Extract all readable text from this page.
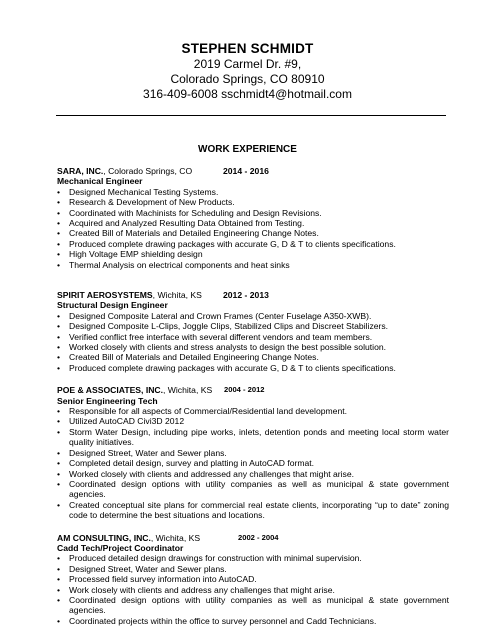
STEPHEN SCHMIDT
2019 Carmel Dr. #9,
Colorado Springs, CO 80910
316-409-6008 sschmidt4@hotmail.com
WORK EXPERIENCE
SARA, INC., Colorado Springs, CO	2014 - 2016
Mechanical Engineer
• Designed Mechanical Testing Systems.
• Research & Development of New Products.
• Coordinated with Machinists for Scheduling and Design Revisions.
• Acquired and Analyzed Resulting Data Obtained from Testing.
• Created Bill of Materials and Detailed Engineering Change Notes.
• Produced complete drawing packages with accurate G, D & T to clients specifications.
• High Voltage EMP shielding design
• Thermal Analysis on electrical components and heat sinks
SPIRIT AEROSYSTEMS, Wichita, KS 2012 - 2013
Structural Design Engineer
• Designed Composite Lateral and Crown Frames (Center Fuselage A350-XWB).
• Designed Composite L-Clips, Joggle Clips, Stabilized Clips and Discreet Stabilizers.
• Verified conflict free interface with several different vendors and team members.
• Worked closely with clients and stress analysts to design the best possible solution.
• Created Bill of Materials and Detailed Engineering Change Notes.
• Produced complete drawing packages with accurate G, D & T to clients specifications.
POE & ASSOCIATES, INC., Wichita, KS 2004 - 2012
Senior Engineering Tech
• Responsible for all aspects of Commercial/Residential land development.
• Utilized AutoCAD Civi3D 2012
• Storm Water Design, including pipe works, inlets, detention ponds and meeting local storm water quality initiatives.
• Designed Street, Water and Sewer plans.
• Completed detail design, survey and platting in AutoCAD format.
• Worked closely with clients and addressed any challenges that might arise.
• Coordinated design options with utility companies as well as municipal & state government agencies.
• Created conceptual site plans for commercial real estate clients, incorporating “up to date” zoning code to determine the best situations and locations.
AM CONSULTING, INC., Wichita, KS	2002 - 2004
Cadd Tech/Project Coordinator
• Produced detailed design drawings for construction with minimal supervision.
• Designed Street, Water and Sewer plans.
• Processed field survey information into AutoCAD.
• Work closely with clients and address any challenges that might arise.
• Coordinated design options with utility companies as well as municipal & state government agencies.
• Coordinated projects within the office to survey personnel and Cadd Technicians.
